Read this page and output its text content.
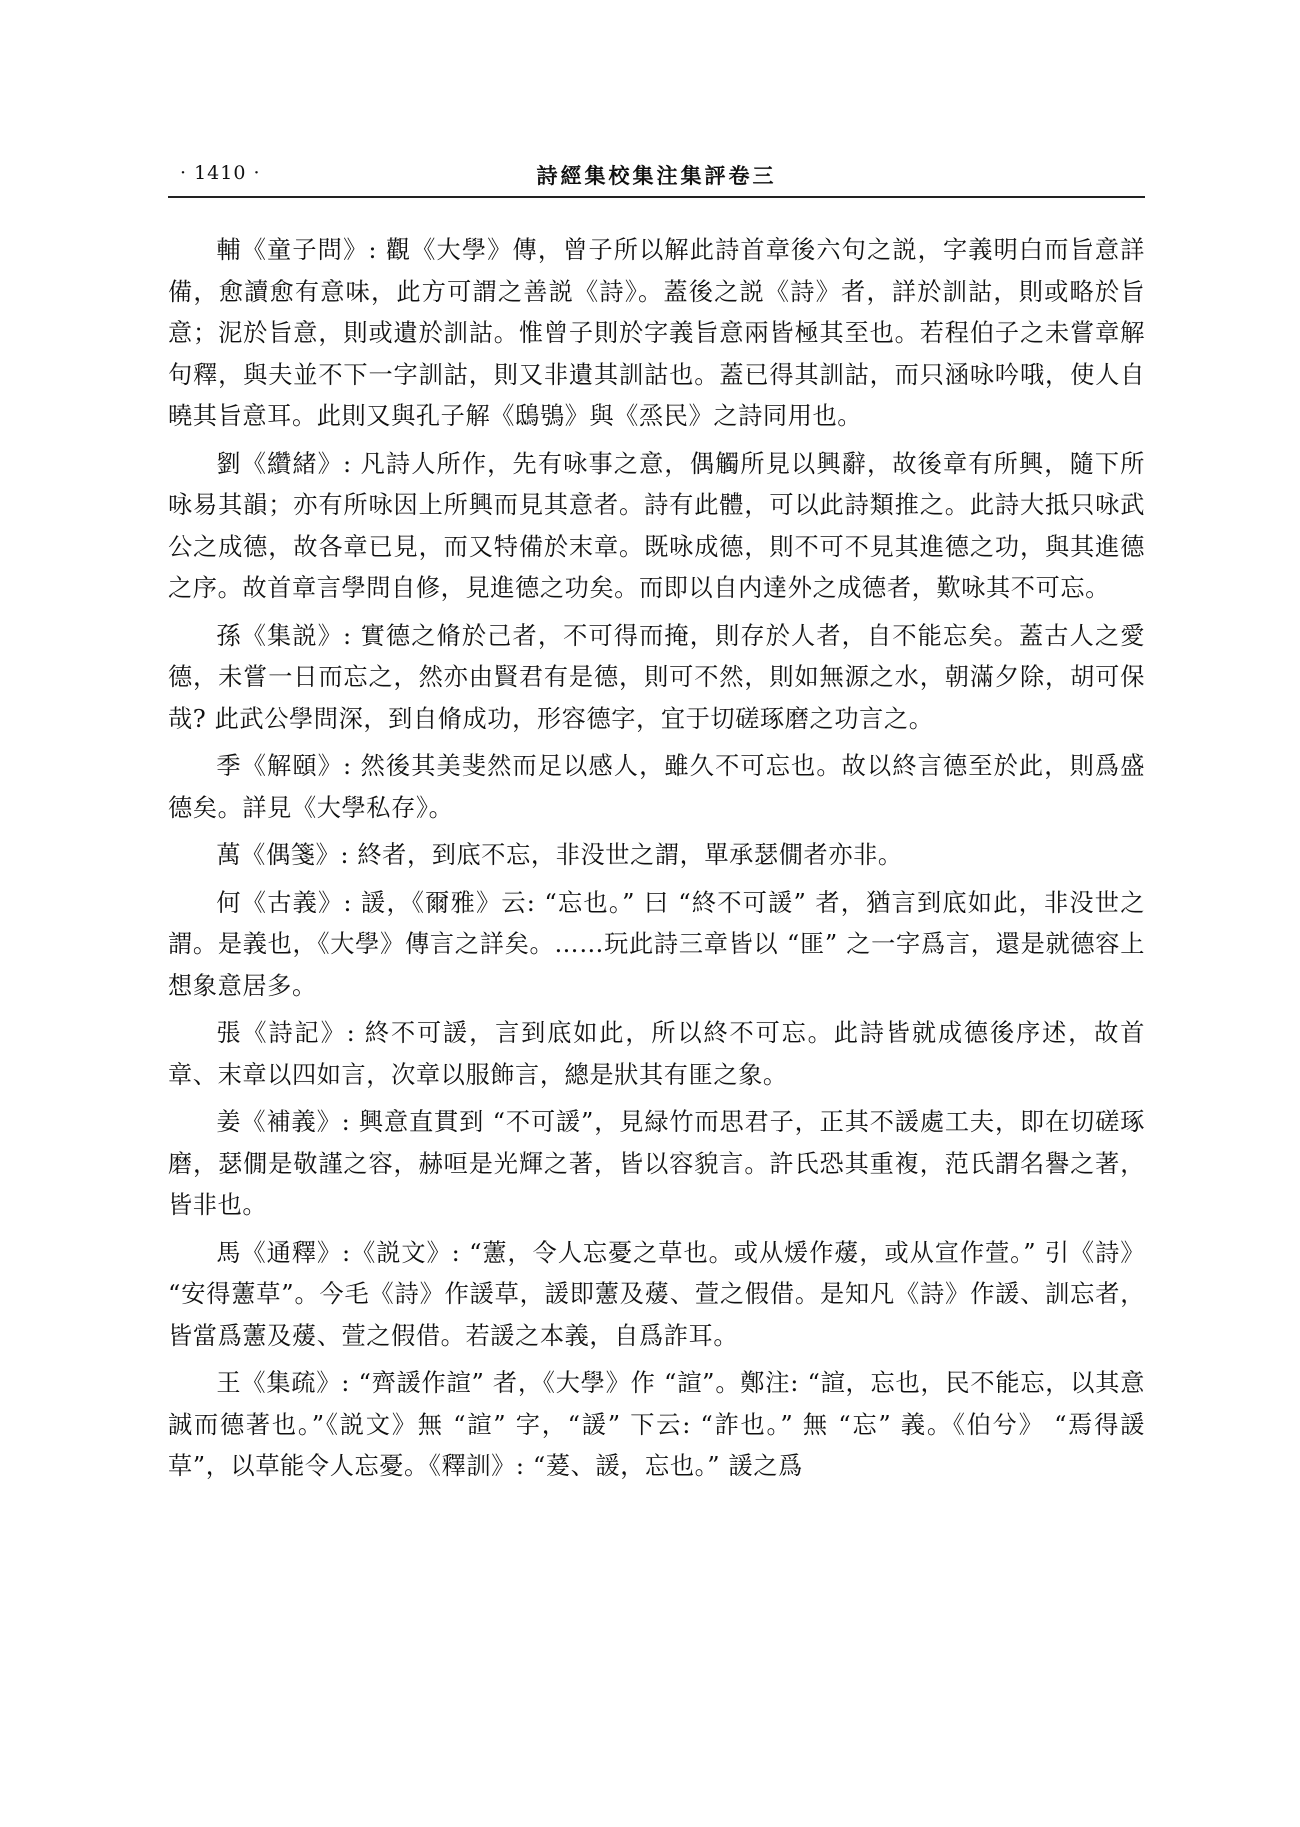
· 1410 ·	詩經集校集注集評卷三

輔《童子問》: 觀《大學》傳，曾子所以解此詩首章後六句之説，字義明白而旨意詳備，愈讀愈有意味，此方可謂之善説《詩》。蓋後之説《詩》者，詳於訓詁，則或略於旨意；泥於旨意，則或遺於訓詁。惟曾子則於字義旨意兩皆極其至也。若程伯子之未嘗章解句釋，與夫並不下一字訓詁，則又非遺其訓詁也。蓋已得其訓詁，而只涵咏吟哦，使人自曉其旨意耳。此則又與孔子解《鴟鴞》與《烝民》之詩同用也。

劉《纘緒》: 凡詩人所作，先有咏事之意，偶觸所見以興辭，故後章有所興，隨下所咏易其韻；亦有所咏因上所興而見其意者。詩有此體，可以此詩類推之。此詩大抵只咏武公之成德，故各章已見，而又特備於末章。既咏成德，則不可不見其進德之功，與其進德之序。故首章言學問自修，見進德之功矣。而即以自内達外之成德者，歎咏其不可忘。

孫《集説》: 實德之脩於己者，不可得而掩，則存於人者，自不能忘矣。蓋古人之愛德，未嘗一日而忘之，然亦由賢君有是德，則可不然，則如無源之水，朝滿夕除，胡可保哉? 此武公學問深，到自脩成功，形容德字，宜于切磋琢磨之功言之。

季《解頤》: 然後其美斐然而足以感人，雖久不可忘也。故以終言德至於此，則爲盛德矣。詳見《大學私存》。

萬《偶箋》: 終者，到底不忘，非没世之謂，單承瑟僩者亦非。

何《古義》: 諼，《爾雅》云: “忘也。” 曰 “終不可諼” 者，猶言到底如此，非没世之謂。是義也，《大學》傳言之詳矣。……玩此詩三章皆以 “匪” 之一字爲言，還是就德容上想象意居多。

張《詩記》: 終不可諼，言到底如此，所以終不可忘。此詩皆就成德後序述，故首章、末章以四如言，次章以服飾言，總是狀其有匪之象。

姜《補義》: 興意直貫到 “不可諼”，見緑竹而思君子，正其不諼處工夫，即在切磋琢磨，瑟僩是敬謹之容，赫咺是光輝之著，皆以容貌言。許氏恐其重複，范氏謂名譽之著，皆非也。

馬《通釋》:《説文》: “藼，令人忘憂之草也。或从煖作蕿，或从宣作萱。” 引《詩》 “安得藼草”。今毛《詩》作諼草，諼即藼及蕿、萱之假借。是知凡《詩》作諼、訓忘者，皆當爲藼及蕿、萱之假借。若諼之本義，自爲詐耳。

王《集疏》: “齊諼作諠” 者，《大學》作 “諠”。鄭注: “諠，忘也，民不能忘，以其意誠而德著也。”《説文》無 “諠” 字，“諼” 下云: “詐也。” 無 “忘” 義。《伯兮》 “焉得諼草”，以草能令人忘憂。《釋訓》: “萲、諼，忘也。” 諼之爲
